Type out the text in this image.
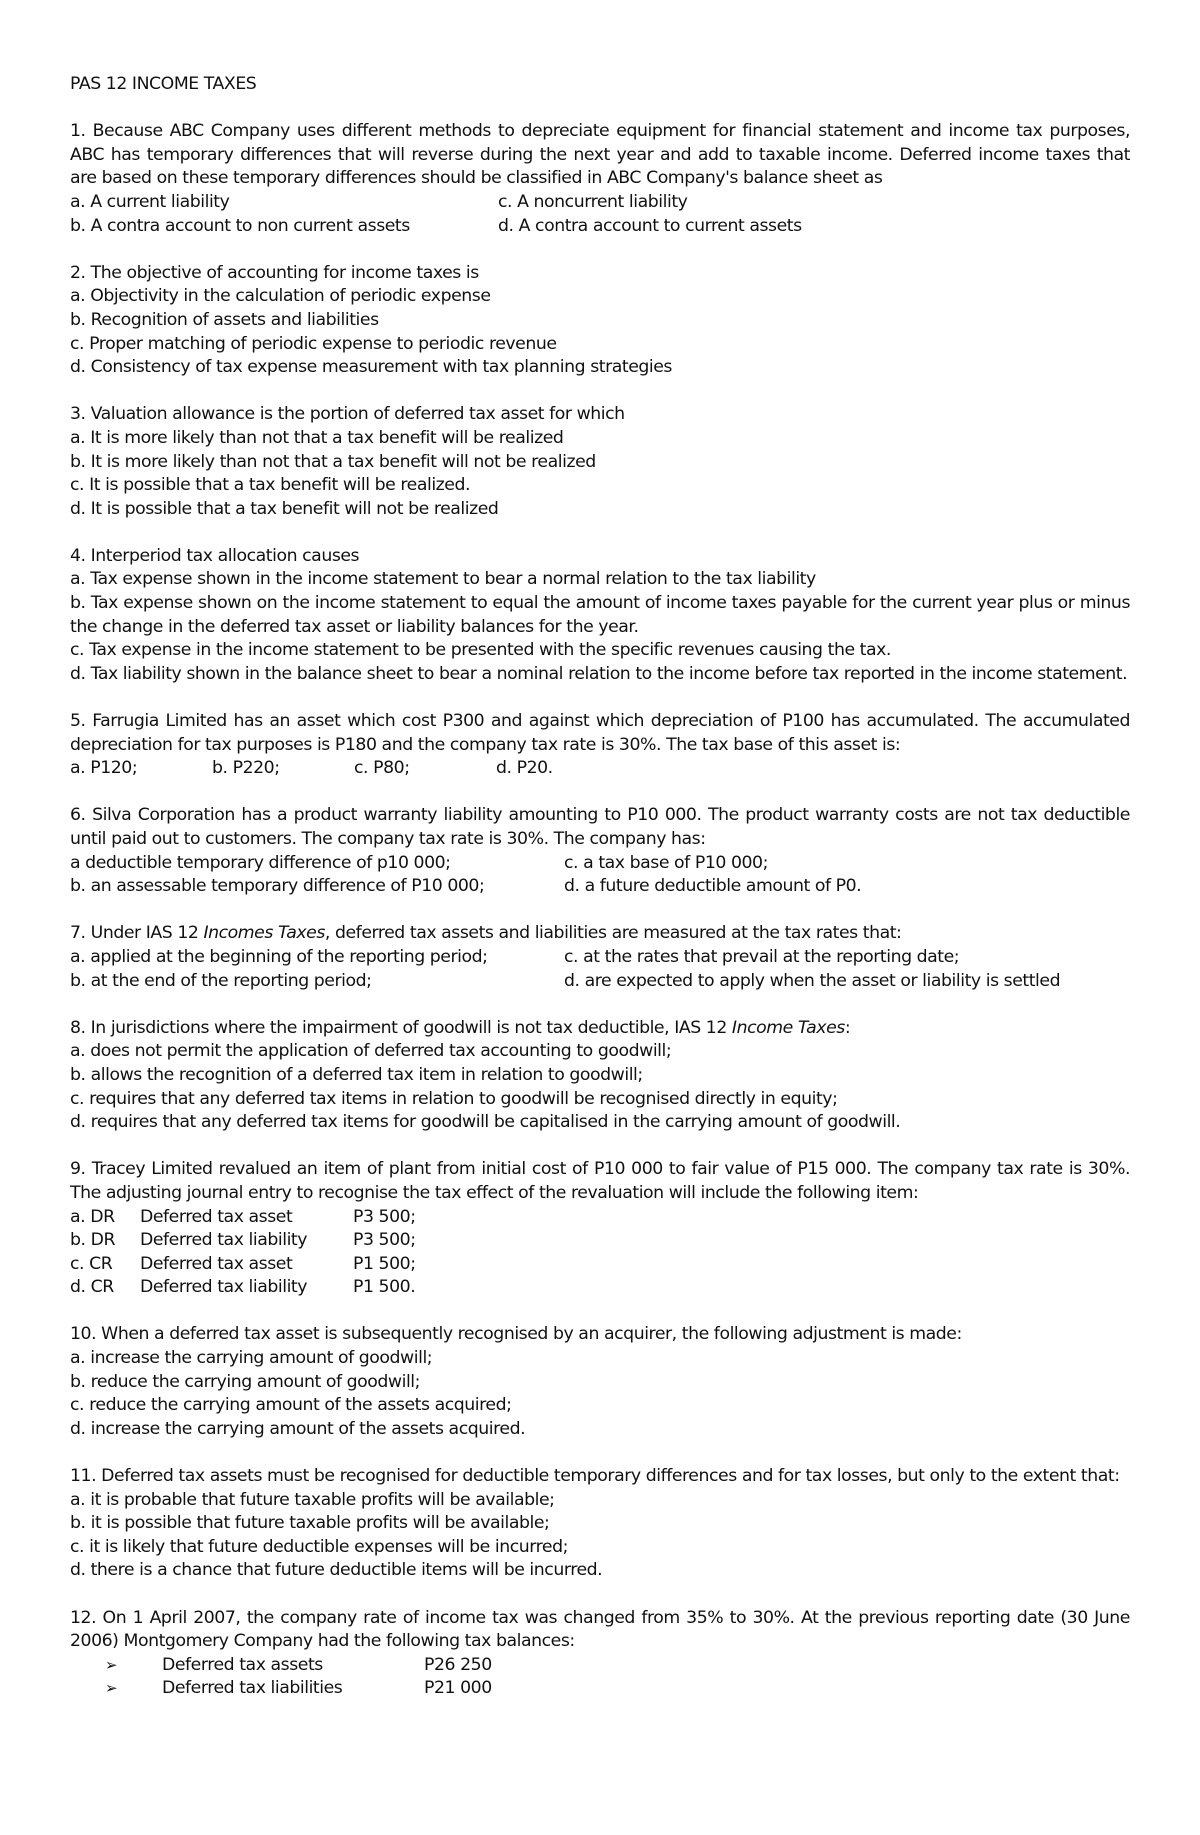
PAS 12 INCOME TAXES
1. Because ABC Company uses different methods to depreciate equipment for financial statement and income tax purposes, ABC has temporary differences that will reverse during the next year and add to taxable income. Deferred income taxes that are based on these temporary differences should be classified in ABC Company's balance sheet as
a. A current liability	c. A noncurrent liability
b. A contra account to non current assets	d. A contra account to current assets
2. The objective of accounting for income taxes is
a. Objectivity in the calculation of periodic expense
b. Recognition of assets and liabilities
c. Proper matching of periodic expense to periodic revenue
d. Consistency of tax expense measurement with tax planning strategies
3. Valuation allowance is the portion of deferred tax asset for which
a. It is more likely than not that a tax benefit will be realized
b. It is more likely than not that a tax benefit will not be realized
c. It is possible that a tax benefit will be realized.
d. It is possible that a tax benefit will not be realized
4. Interperiod tax allocation causes
a. Tax expense shown in the income statement to bear a normal relation to the tax liability
b. Tax expense shown on the income statement to equal the amount of income taxes payable for the current year plus or minus the change in the deferred tax asset or liability balances for the year.
c. Tax expense in the income statement to be presented with the specific revenues causing the tax.
d. Tax liability shown in the balance sheet to bear a nominal relation to the income before tax reported in the income statement.
5. Farrugia Limited has an asset which cost P300 and against which depreciation of P100 has accumulated. The accumulated depreciation for tax purposes is P180 and the company tax rate is 30%. The tax base of this asset is:
a. P120;	b. P220;	c. P80;	d. P20.
6. Silva Corporation has a product warranty liability amounting to P10 000. The product warranty costs are not tax deductible until paid out to customers. The company tax rate is 30%. The company has:
a deductible temporary difference of p10 000;	c. a tax base of P10 000;
b. an assessable temporary difference of P10 000;	d. a future deductible amount of P0.
7. Under IAS 12 Incomes Taxes, deferred tax assets and liabilities are measured at the tax rates that:
a. applied at the beginning of the reporting period;	c. at the rates that prevail at the reporting date;
b. at the end of the reporting period;	d. are expected to apply when the asset or liability is settled
8. In jurisdictions where the impairment of goodwill is not tax deductible, IAS 12 Income Taxes:
a. does not permit the application of deferred tax accounting to goodwill;
b. allows the recognition of a deferred tax item in relation to goodwill;
c. requires that any deferred tax items in relation to goodwill be recognised directly in equity;
d. requires that any deferred tax items for goodwill be capitalised in the carrying amount of goodwill.
9. Tracey Limited revalued an item of plant from initial cost of P10 000 to fair value of P15 000. The company tax rate is 30%. The adjusting journal entry to recognise the tax effect of the revaluation will include the following item:
a. DR	Deferred tax asset	P3 500;
b. DR	Deferred tax liability	P3 500;
c. CR	Deferred tax asset	P1 500;
d. CR	Deferred tax liability	P1 500.
10. When a deferred tax asset is subsequently recognised by an acquirer, the following adjustment is made:
a. increase the carrying amount of goodwill;
b. reduce the carrying amount of goodwill;
c. reduce the carrying amount of the assets acquired;
d. increase the carrying amount of the assets acquired.
11. Deferred tax assets must be recognised for deductible temporary differences and for tax losses, but only to the extent that:
a. it is probable that future taxable profits will be available;
b. it is possible that future taxable profits will be available;
c. it is likely that future deductible expenses will be incurred;
d. there is a chance that future deductible items will be incurred.
12. On 1 April 2007, the company rate of income tax was changed from 35% to 30%. At the previous reporting date (30 June 2006) Montgomery Company had the following tax balances:
➢	Deferred tax assets	P26 250
➢	Deferred tax liabilities	P21 000
